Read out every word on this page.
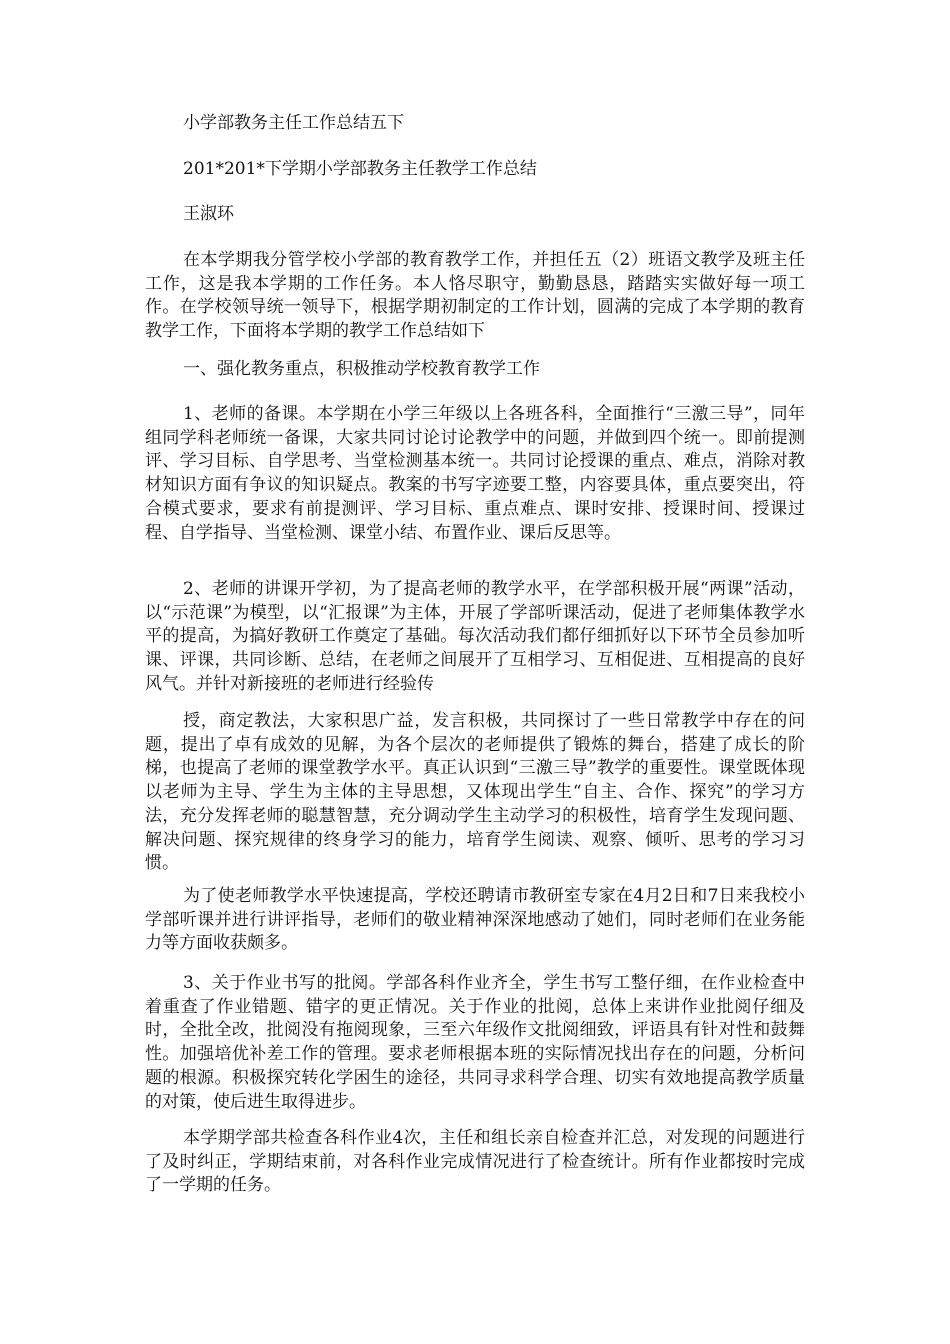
小学部教务主任工作总结五下

201*201*下学期小学部教务主任教学工作总结

王淑环

在本学期我分管学校小学部的教育教学工作，并担任五（2）班语文教学及班主任工作，这是我本学期的工作任务。本人恪尽职守，勤勤恳恳，踏踏实实做好每一项工作。在学校领导统一领导下，根据学期初制定的工作计划，圆满的完成了本学期的教育教学工作，下面将本学期的教学工作总结如下

一、强化教务重点，积极推动学校教育教学工作

1、老师的备课。本学期在小学三年级以上各班各科，全面推行“三激三导”，同年组同学科老师统一备课，大家共同讨论讨论教学中的问题，并做到四个统一。即前提测评、学习目标、自学思考、当堂检测基本统一。共同讨论授课的重点、难点，消除对教材知识方面有争议的知识疑点。教案的书写字迹要工整，内容要具体，重点要突出，符合模式要求，要求有前提测评、学习目标、重点难点、课时安排、授课时间、授课过程、自学指导、当堂检测、课堂小结、布置作业、课后反思等。

2、老师的讲课开学初，为了提高老师的教学水平，在学部积极开展“两课”活动，以“示范课”为模型，以“汇报课”为主体，开展了学部听课活动，促进了老师集体教学水平的提高，为搞好教研工作奠定了基础。每次活动我们都仔细抓好以下环节全员参加听课、评课，共同诊断、总结，在老师之间展开了互相学习、互相促进、互相提高的良好风气。并针对新接班的老师进行经验传

授，商定教法，大家积思广益，发言积极，共同探讨了一些日常教学中存在的问题，提出了卓有成效的见解，为各个层次的老师提供了锻炼的舞台，搭建了成长的阶梯，也提高了老师的课堂教学水平。真正认识到“三激三导”教学的重要性。课堂既体现以老师为主导、学生为主体的主导思想，又体现出学生“自主、合作、探究”的学习方法，充分发挥老师的聪慧智慧，充分调动学生主动学习的积极性，培育学生发现问题、解决问题、探究规律的终身学习的能力，培育学生阅读、观察、倾听、思考的学习习惯。

为了使老师教学水平快速提高，学校还聘请市教研室专家在4月2日和7日来我校小学部听课并进行讲评指导，老师们的敬业精神深深地感动了她们，同时老师们在业务能力等方面收获颇多。

3、关于作业书写的批阅。学部各科作业齐全，学生书写工整仔细，在作业检查中着重查了作业错题、错字的更正情况。关于作业的批阅，总体上来讲作业批阅仔细及时，全批全改，批阅没有拖阅现象，三至六年级作文批阅细致，评语具有针对性和鼓舞性。加强培优补差工作的管理。要求老师根据本班的实际情况找出存在的问题，分析问题的根源。积极探究转化学困生的途径，共同寻求科学合理、切实有效地提高教学质量的对策，使后进生取得进步。

本学期学部共检查各科作业4次，主任和组长亲自检查并汇总，对发现的问题进行了及时纠正，学期结束前，对各科作业完成情况进行了检查统计。所有作业都按时完成了一学期的任务。
